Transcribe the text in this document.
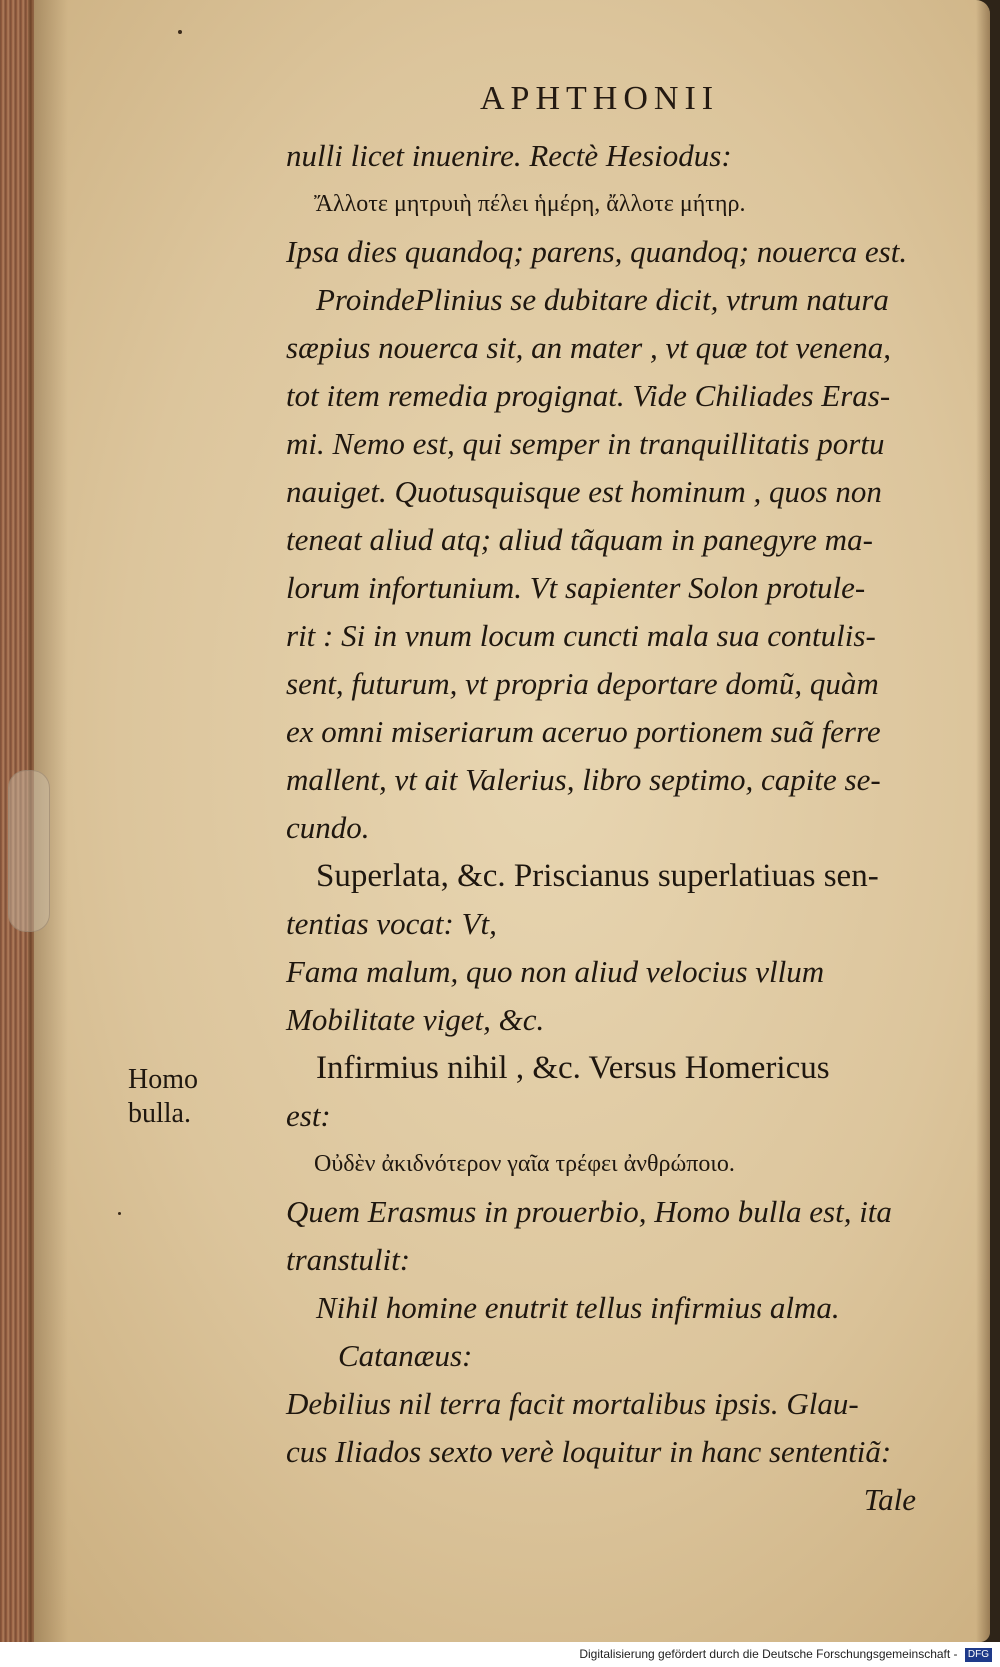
APHTHONII
nulli licet inuenire. Rectè Hesiodus:
Ἄλλοτε μητρυιὴ πέλει ἡμέρη, ἄλλοτε μήτηρ.
Ipsa dies quandoq; parens, quandoq; nouerca est.
ProindePlinius se dubitare dicit, vtrum natura
sæpius nouerca sit, an mater , vt quæ tot venena,
tot item remedia progignat. Vide Chiliades Eras-
mi. Nemo est, qui semper in tranquillitatis portu
nauiget. Quotusquisque est hominum , quos non
teneat aliud atq; aliud tãquam in panegyre ma-
lorum infortunium. Vt sapienter Solon protule-
rit : Si in vnum locum cuncti mala sua contulis-
sent, futurum, vt propria deportare domũ, quàm
ex omni miseriarum aceruo portionem suã ferre
mallent, vt ait Valerius, libro septimo, capite se-
cundo.
Superlata, &c. Priscianus superlatiuas sen-
tentias vocat: Vt,
Fama malum, quo non aliud velocius vllum
Mobilitate viget, &c.
Infirmius nihil , &c. Versus Homericus
est:
Οὐδὲν ἀκιδνότερον γαῖα τρέφει ἀνθρώποιο.
Quem Erasmus in prouerbio, Homo bulla est, ita
transtulit:
Nihil homine enutrit tellus infirmius alma.
Catanæus:
Debilius nil terra facit mortalibus ipsis. Glau-
cus Iliados sexto verè loquitur in hanc sententiã:
Tale
Homo
bulla.
Digitalisierung gefördert durch die Deutsche Forschungsgemeinschaft - DFG
